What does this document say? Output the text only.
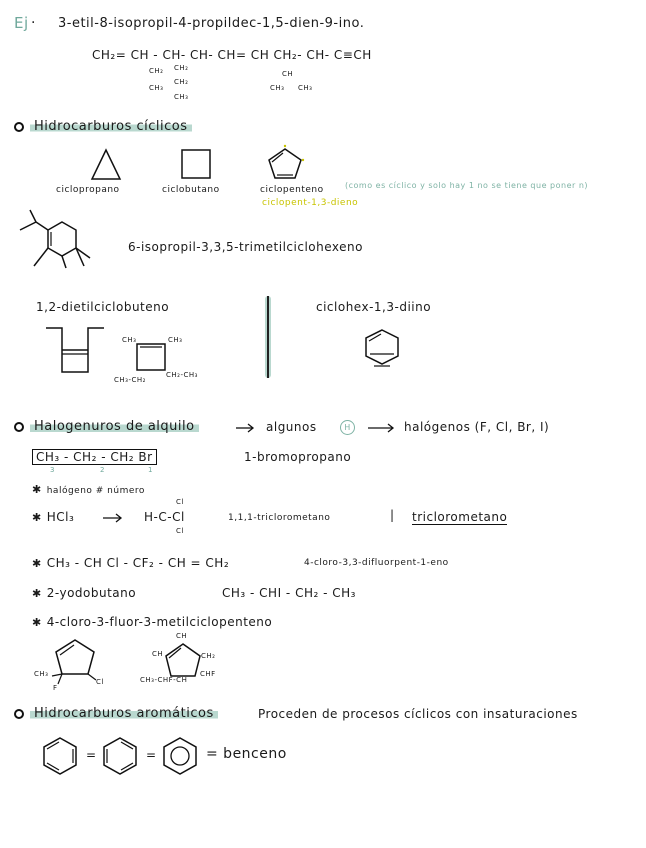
Ej · 3-etil-8-isopropil-4-propildec-1,5-dien-9-ino.
CH₂= CH - CH- CH- CH= CH CH₂- CH- C≡CH
CH₂
CH₃
CH₂
CH₂
CH₃
CH
CH₃ CH₃
Hidrocarburos cíclicos
ciclopropano	ciclobutano	ciclopenteno	(como es cíclico y solo hay 1 no se tiene que poner n)
ciclopent-1,3-dieno
6-isopropil-3,3,5-trimetilciclohexeno
1,2-dietilciclobuteno	ciclohex-1,3-diino
CH₃	CH₃
CH₃-CH₂
CH₂-CH₃
Halogenuros de alquilo	algunos	H	halógenos (F, Cl, Br, I)
CH₃ - CH₂ - CH₂ Br
3	2	1
1-bromopropano
✱ halógeno # número
✱ HCl₃	H-C-Cl
Cl
Cl
1,1,1-triclorometano	| triclorometano
✱ CH₃ - CH Cl - CF₂ - CH = CH₂	4-cloro-3,3-difluorpent-1-eno
✱ 2-yodobutano	CH₃ - CHI - CH₂ - CH₃
✱ 4-cloro-3-fluor-3-metilciclopenteno
CH₃
F
Cl
CH
CH	CH₂
CH₃-CHF-CH
CHF
Hidrocarburos aromáticos	Proceden de procesos cíclicos con insaturaciones
=	=	= benceno
